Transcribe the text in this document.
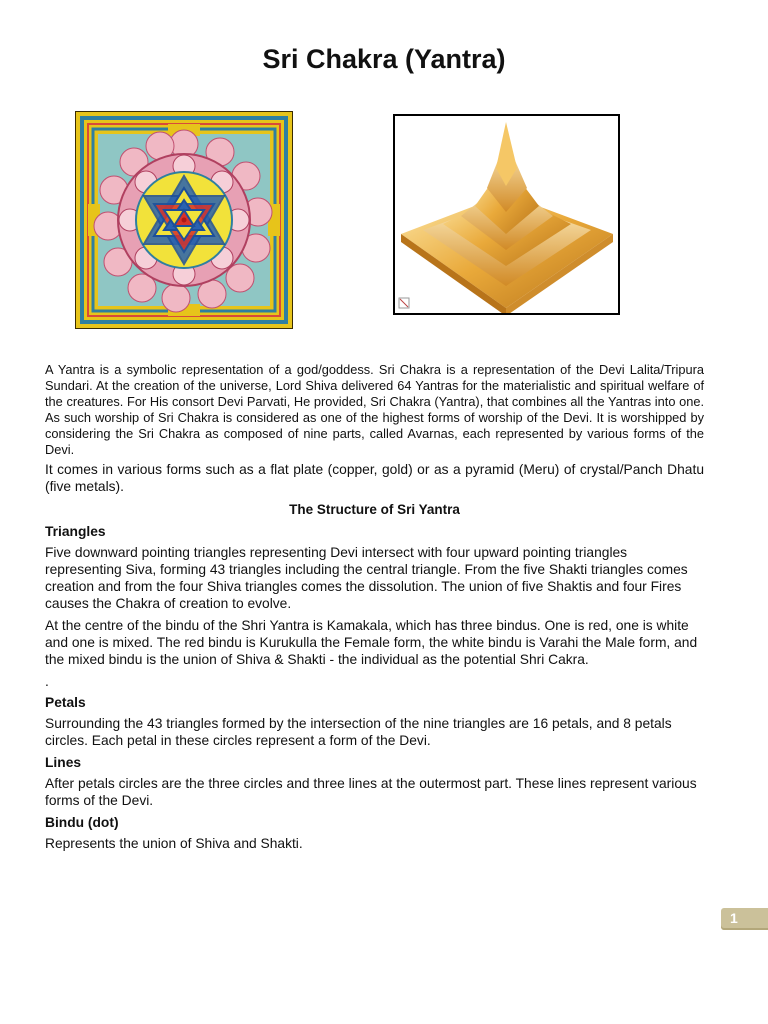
Sri Chakra (Yantra)

A Yantra is a symbolic representation of a god/goddess. Sri Chakra is a representation of the Devi Lalita/Tripura Sundari. At the creation of the universe, Lord Shiva delivered 64 Yantras for the materialistic and spiritual welfare of the creatures. For His consort Devi Parvati, He provided, Sri Chakra (Yantra), that combines all the Yantras into one. As such worship of Sri Chakra is considered as one of the highest forms of worship of the Devi. It is worshipped by considering the Sri Chakra as composed of nine parts, called Avarnas, each represented by various forms of the Devi.

It comes in various forms such as a flat plate (copper, gold) or as a pyramid (Meru) of crystal/Panch Dhatu (five metals).

The Structure of Sri Yantra

Triangles

Five downward pointing triangles representing Devi intersect with four upward pointing triangles representing Siva, forming 43 triangles including the central triangle. From the five Shakti triangles comes creation and from the four Shiva triangles comes the dissolution. The union of five Shaktis and four Fires causes the Chakra of creation to evolve.

At the centre of the bindu of the Shri Yantra is Kamakala, which has three bindus. One is red, one is white and one is mixed. The red bindu is Kurukulla the Female form, the white bindu is Varahi the Male form, and the mixed bindu is the union of Shiva & Shakti - the individual as the potential Shri Cakra.

.

Petals

Surrounding the 43 triangles formed by the intersection of the nine triangles are 16 petals, and 8 petals circles. Each petal in these circles represent a form of the Devi.

Lines

After petals circles are the three circles and three lines at the outermost part. These lines represent various forms of the Devi.

Bindu (dot)

Represents the union of Shiva and Shakti.

1
